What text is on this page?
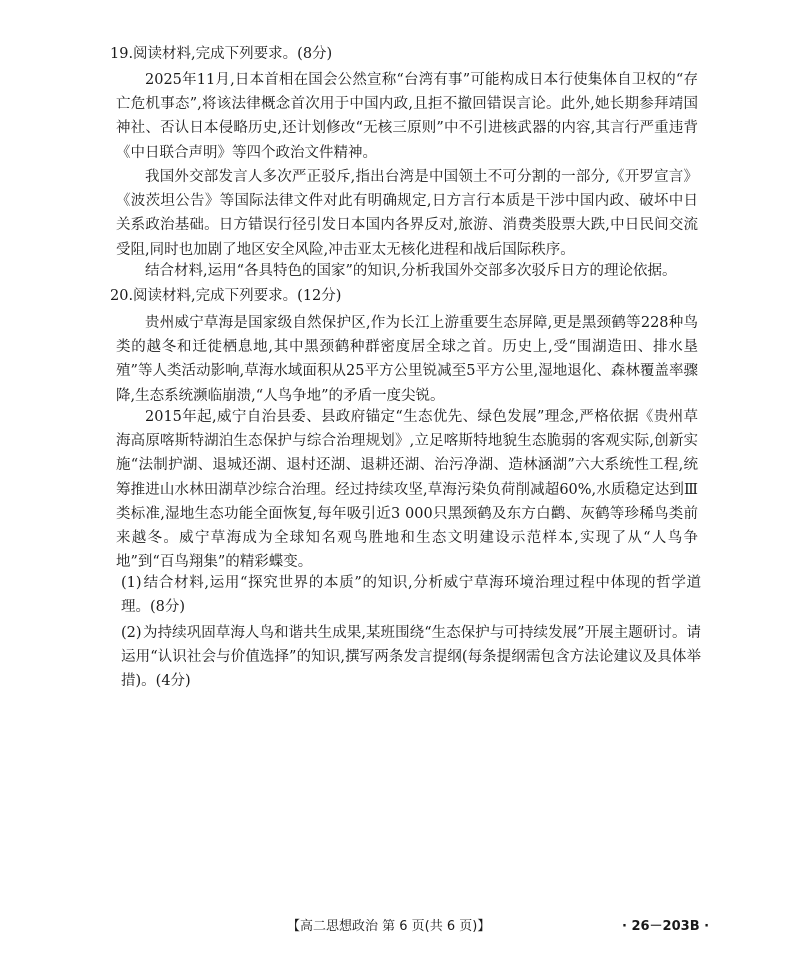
19.阅读材料,完成下列要求。(8分)

2025年11月,日本首相在国会公然宣称“台湾有事”可能构成日本行使集体自卫权的“存亡危机事态”,将该法律概念首次用于中国内政,且拒不撤回错误言论。此外,她长期参拜靖国神社、否认日本侵略历史,还计划修改“无核三原则”中不引进核武器的内容,其言行严重违背《中日联合声明》等四个政治文件精神。

我国外交部发言人多次严正驳斥,指出台湾是中国领土不可分割的一部分,《开罗宣言》《波茨坦公告》等国际法律文件对此有明确规定,日方言行本质是干涉中国内政、破坏中日关系政治基础。日方错误行径引发日本国内各界反对,旅游、消费类股票大跌,中日民间交流受阻,同时也加剧了地区安全风险,冲击亚太无核化进程和战后国际秩序。

结合材料,运用“各具特色的国家”的知识,分析我国外交部多次驳斥日方的理论依据。

20.阅读材料,完成下列要求。(12分)

贵州威宁草海是国家级自然保护区,作为长江上游重要生态屏障,更是黑颈鹤等228种鸟类的越冬和迁徙栖息地,其中黑颈鹤种群密度居全球之首。历史上,受“围湖造田、排水垦殖”等人类活动影响,草海水域面积从25平方公里锐减至5平方公里,湿地退化、森林覆盖率骤降,生态系统濒临崩溃,“人鸟争地”的矛盾一度尖锐。

2015年起,威宁自治县委、县政府锚定“生态优先、绿色发展”理念,严格依据《贵州草海高原喀斯特湖泊生态保护与综合治理规划》,立足喀斯特地貌生态脆弱的客观实际,创新实施“法制护湖、退城还湖、退村还湖、退耕还湖、治污净湖、造林涵湖”六大系统性工程,统筹推进山水林田湖草沙综合治理。经过持续攻坚,草海污染负荷削减超60%,水质稳定达到Ⅲ类标准,湿地生态功能全面恢复,每年吸引近3 000只黑颈鹤及东方白鹳、灰鹤等珍稀鸟类前来越冬。威宁草海成为全球知名观鸟胜地和生态文明建设示范样本,实现了从“人鸟争地”到“百鸟翔集”的精彩蝶变。

(1)结合材料,运用“探究世界的本质”的知识,分析威宁草海环境治理过程中体现的哲学道理。(8分)
(2)为持续巩固草海人鸟和谐共生成果,某班围绕“生态保护与可持续发展”开展主题研讨。请运用“认识社会与价值选择”的知识,撰写两条发言提纲(每条提纲需包含方法论建议及具体举措)。(4分)
【高二思想政治 第 6 页(共 6 页)】	· 26－203B ·
